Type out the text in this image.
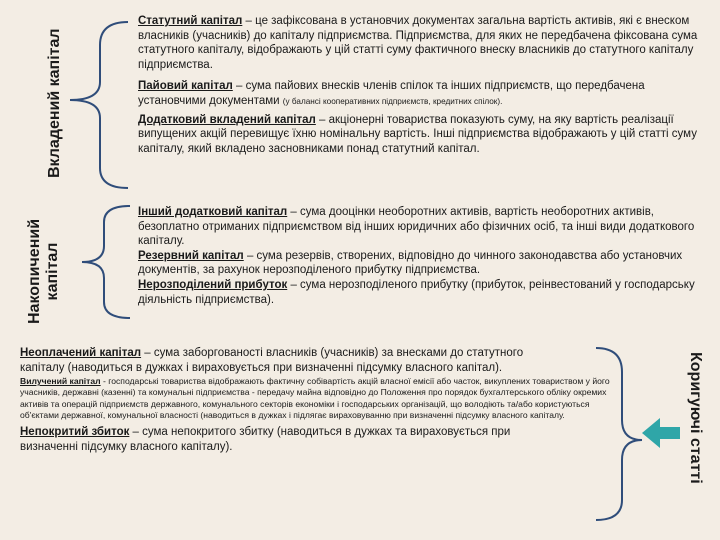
Вкладений капітал
Накопичений капітал
Коригуючі статті

Статутний капітал – це зафіксована в установчих документах загальна вартість активів, які є внеском власників (учасників) до капіталу підприємства. Підприємства, для яких не передбачена фіксована сума статутного капіталу, відображають у цій статті суму фактичного внеску власників до статутного капіталу підприємства.

Пайовий капітал – сума пайових внесків членів спілок та інших підприємств, що передбачена установчими документами (у балансі кооперативних підприємств, кредитних спілок).

Додатковий вкладений капітал – акціонерні товариства показують суму, на яку вартість реалізації випущених акцій перевищує їхню номінальну вартість. Інші підприємства відображають у цій статті суму капіталу, який вкладено засновниками понад статутний капітал.

Інший додатковий капітал – сума дооцінки необоротних активів, вартість необоротних активів, безоплатно отриманих підприємством від інших юридичних або фізичних осіб, та інші види додаткового капіталу.

Резервний капітал – сума резервів, створених, відповідно до чинного законодавства або установчих документів, за рахунок нерозподіленого прибутку підприємства.

Нерозподілений прибуток – сума нерозподіленого прибутку (прибуток, реінвестований у господарську діяльність підприємства).

Неоплачений капітал – сума заборгованості власників (учасників) за внесками до статутного капіталу (наводиться в дужках і вираховується при визначенні підсумку власного капітал).

Вилучений капітал - господарські товариства відображають фактичну собівартість акцій власної емісії або часток, викуплених товариством у його учасників, державні (казенні) та комунальні підприємства - передачу майна відповідно до Положення про порядок бухгалтерського обліку окремих активів та операцій підприємств державного, комунального секторів економіки і господарських організацій, що володіють та/або користуються об'єктами державної, комунальної власності (наводиться в дужках і підлягає вираховуванню при визначенні підсумку власного капіталу.

Непокритий збиток – сума непокритого збитку (наводиться в дужках та вираховується при визначенні підсумку власного капіталу).
